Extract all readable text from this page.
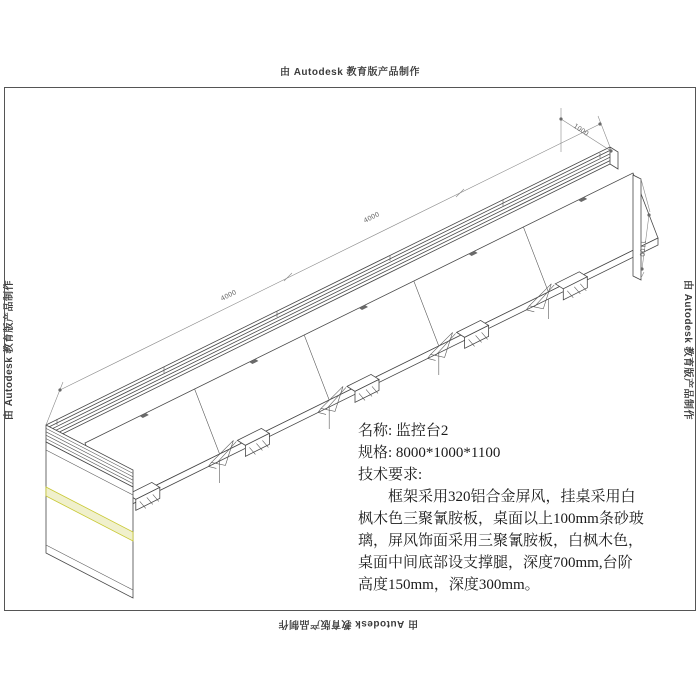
由 Autodesk 教育版产品制作
由 Autodesk 教育版产品制作
由 Autodesk 教育版产品制作	由 Autodesk 教育版产品制作
4000
4000
1000
1100
名称: 监控台2
规格: 8000*1000*1100
技术要求:
框架采用320铝合金屏风，挂桌采用白
枫木色三聚氰胺板，桌面以上100mm条砂玻
璃，屏风饰面采用三聚氰胺板，白枫木色，
桌面中间底部设支撑腿，深度700mm,台阶
高度150mm，深度300mm。
